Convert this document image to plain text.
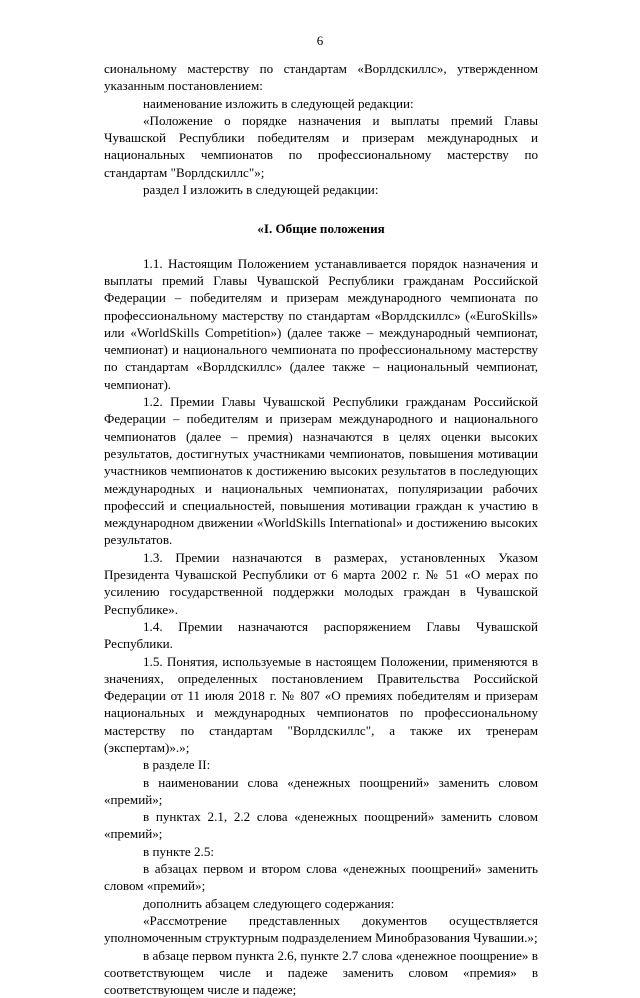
6

сиональному мастерству по стандартам «Ворлдскиллс», утвержденном указанным постановлением:

наименование изложить в следующей редакции:

«Положение о порядке назначения и выплаты премий Главы Чувашской Республики победителям и призерам международных и национальных чемпионатов по профессиональному мастерству по стандартам "Ворлдскиллс"»;

раздел I изложить в следующей редакции:

«I. Общие положения

1.1. Настоящим Положением устанавливается порядок назначения и выплаты премий Главы Чувашской Республики гражданам Российской Федерации – победителям и призерам международного чемпионата по профессиональному мастерству по стандартам «Ворлдскиллс» («EuroSkills» или «WorldSkills Competition») (далее также – международный чемпионат, чемпионат) и национального чемпионата по профессиональному мастерству по стандартам «Ворлдскиллс» (далее также – национальный чемпионат, чемпионат).

1.2. Премии Главы Чувашской Республики гражданам Российской Федерации – победителям и призерам международного и национального чемпионатов (далее – премия) назначаются в целях оценки высоких результатов, достигнутых участниками чемпионатов, повышения мотивации участников чемпионатов к достижению высоких результатов в последующих международных и национальных чемпионатах, популяризации рабочих профессий и специальностей, повышения мотивации граждан к участию в международном движении «WorldSkills International» и достижению высоких результатов.

1.3. Премии назначаются в размерах, установленных Указом Президента Чувашской Республики от 6 марта 2002 г. № 51 «О мерах по усилению государственной поддержки молодых граждан в Чувашской Республике».

1.4. Премии назначаются распоряжением Главы Чувашской Республики.

1.5. Понятия, используемые в настоящем Положении, применяются в значениях, определенных постановлением Правительства Российской Федерации от 11 июля 2018 г. № 807 «О премиях победителям и призерам национальных и международных чемпионатов по профессиональному мастерству по стандартам "Ворлдскиллс", а также их тренерам (экспертам)».»;

в разделе II:

в наименовании слова «денежных поощрений» заменить словом «премий»;

в пунктах 2.1, 2.2 слова «денежных поощрений» заменить словом «премий»;

в пункте 2.5:

в абзацах первом и втором слова «денежных поощрений» заменить словом «премий»;

дополнить абзацем следующего содержания:

«Рассмотрение представленных документов осуществляется уполномоченным структурным подразделением Минобразования Чувашии.»;

в абзаце первом пункта 2.6, пункте 2.7 слова «денежное поощрение» в соответствующем числе и падеже заменить словом «премия» в соответствующем числе и падеже;
